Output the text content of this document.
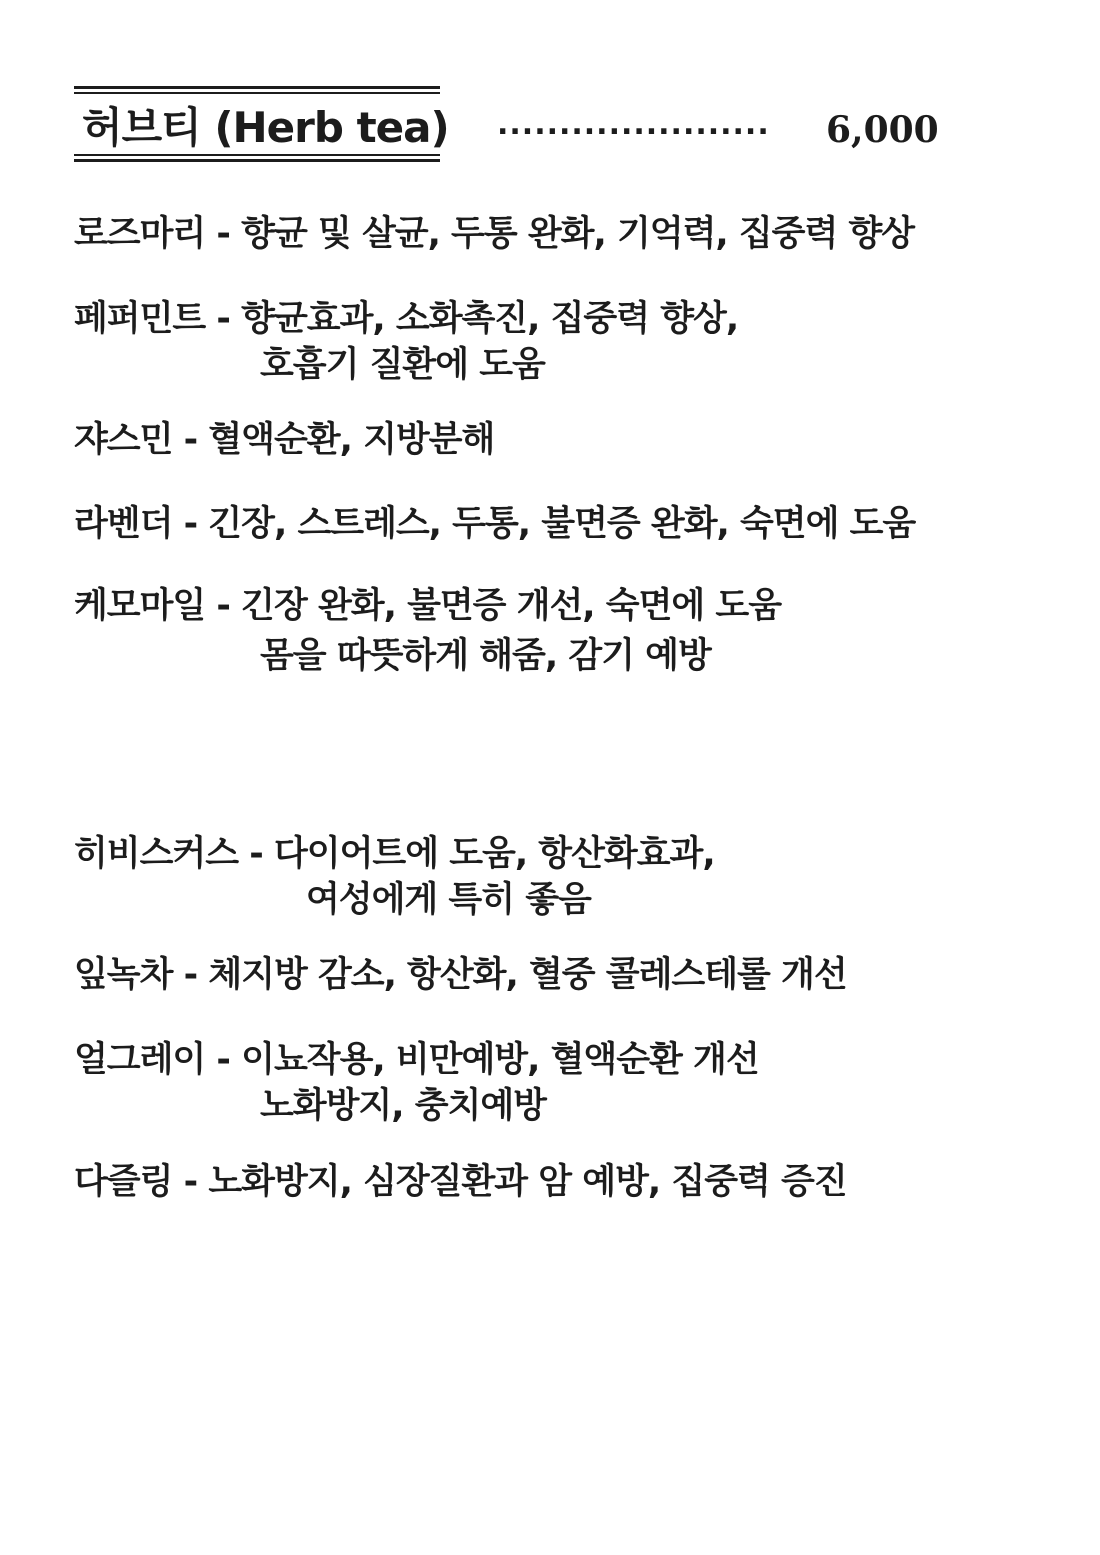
허브티 (Herb tea) ...................... 6,000
로즈마리 - 향균 및 살균, 두통 완화, 기억력, 집중력 향상
페퍼민트 - 향균효과, 소화촉진, 집중력 향상,
호흡기 질환에 도움
쟈스민 - 혈액순환, 지방분해
라벤더 - 긴장, 스트레스, 두통, 불면증 완화, 숙면에 도움
케모마일 - 긴장 완화, 불면증 개선, 숙면에 도움
몸을 따뜻하게 해줌, 감기 예방
히비스커스 - 다이어트에 도움, 항산화효과,
여성에게 특히 좋음
잎녹차 - 체지방 감소, 항산화, 혈중 콜레스테롤 개선
얼그레이 - 이뇨작용, 비만예방, 혈액순환 개선
노화방지, 충치예방
다즐링 - 노화방지, 심장질환과 암 예방, 집중력 증진
